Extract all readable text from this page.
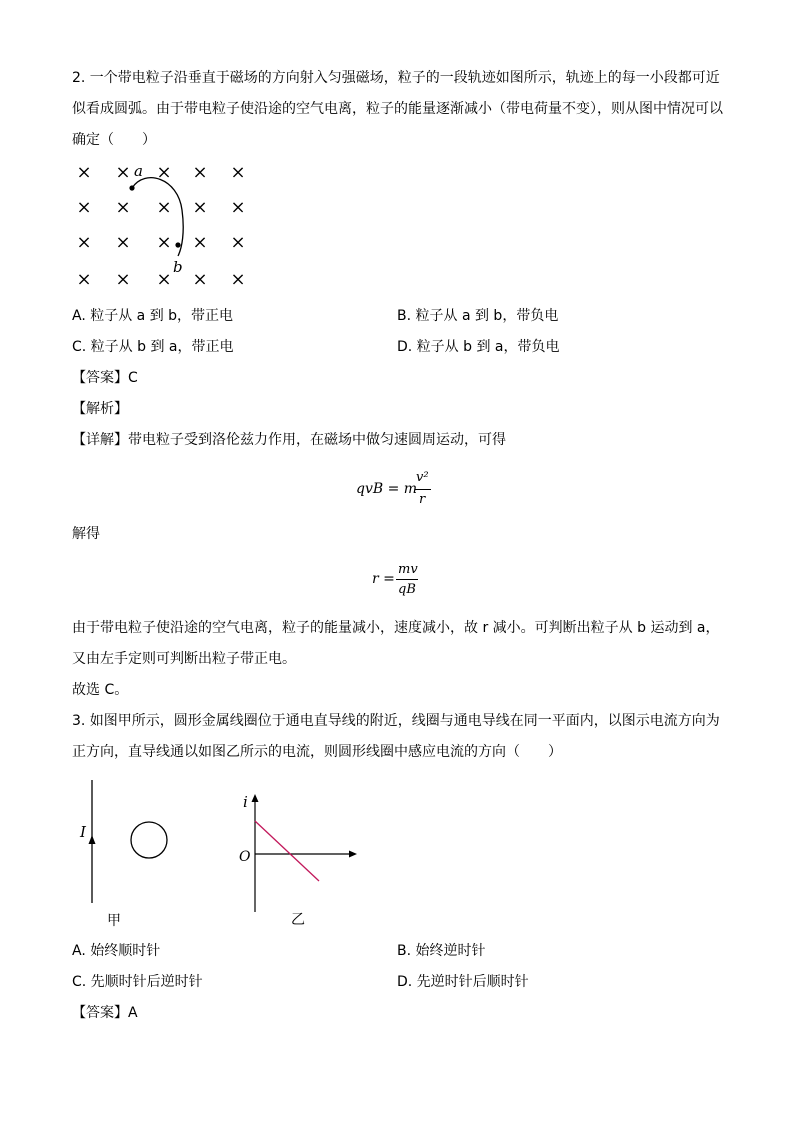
2. 一个带电粒子沿垂直于磁场的方向射入匀强磁场，粒子的一段轨迹如图所示，轨迹上的每一小段都可近
似看成圆弧。由于带电粒子使沿途的空气电离，粒子的能量逐渐减小（带电荷量不变），则从图中情况可以
确定（　　）
× × × × ×
× × × × ×
× × × × ×
× × × × ×
a
b
A. 粒子从 a 到 b，带正电	B. 粒子从 a 到 b，带负电
C. 粒子从 b 到 a，带正电	D. 粒子从 b 到 a，带负电
【答案】C
【解析】
【详解】带电粒子受到洛伦兹力作用，在磁场中做匀速圆周运动，可得
qvB = m
v²
r
解得
r =
mv
qB
由于带电粒子使沿途的空气电离，粒子的能量减小，速度减小，故 r 减小。可判断出粒子从 b 运动到 a，
又由左手定则可判断出粒子带正电。
故选 C。
3. 如图甲所示，圆形金属线圈位于通电直导线的附近，线圈与通电导线在同一平面内，以图示电流方向为
正方向，直导线通以如图乙所示的电流，则圆形线圈中感应电流的方向（　　）
I
甲
i
O
乙
A. 始终顺时针	B. 始终逆时针
C. 先顺时针后逆时针	D. 先逆时针后顺时针
【答案】A
